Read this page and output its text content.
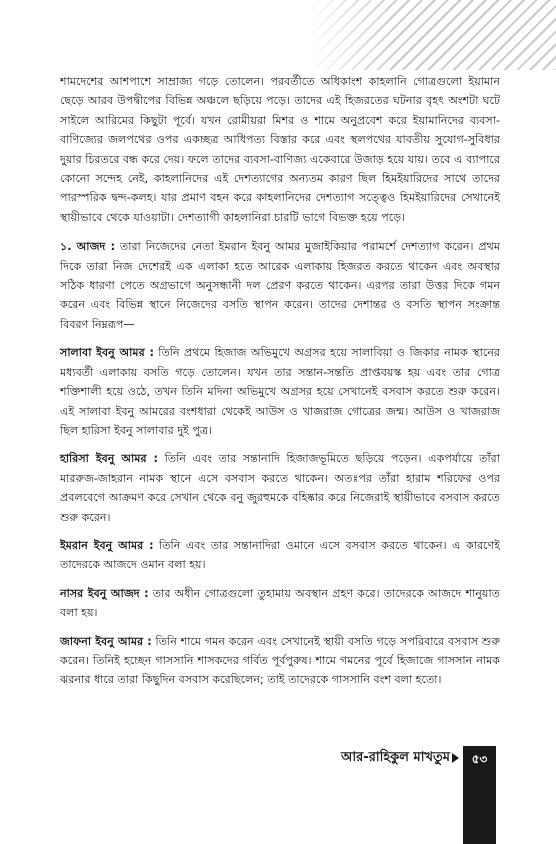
শামদেশের আশপাশে সাম্রাজ্য গড়ে তোলেন। পরবর্তীতে অধিকাংশ কাহলানি গোত্রগুলো ইয়ামান ছেড়ে আরব উপদ্বীপের বিভিন্ন অঞ্চলে ছড়িয়ে পড়ে। তাদের এই হিজরতের ঘটনার বৃহৎ অংশটা ঘটে সাইলে আরিমের কিছুটা পূর্বে। যখন রোমীয়রা মিশর ও শামে অনুপ্রবেশ করে ইয়ামানিদের ব্যবসা-বাণিজ্যের জলপথের ওপর একচ্ছত্র আধিপত্য বিস্তার করে এবং স্থলপথের যাবতীয় সুযোগ-সুবিধার দুয়ার চিরতরে বন্ধ করে দেয়। ফলে তাদের ব্যবসা-বাণিজ্য একেবারে উজাড় হয়ে যায়। তবে এ ব্যাপারে কোনো সন্দেহ নেই, কাহলানিদের এই দেশত্যাগের অন্যতম কারণ ছিল হিমইয়ারিদের সাথে তাদের পারস্পরিক দ্বন্দ-কলহ। যার প্রমাণ বহন করে কাহলানিদের দেশত্যাগ সত্ত্বেও হিমইয়ারিদের সেখানেই স্থায়ীভাবে থেকে যাওয়াটা। দেশত্যাগী কাহলানিরা চারটি ভাগে বিভক্ত হয়ে পড়ে।

১. আজদ : তারা নিজেদের নেতা ইমরান ইবনু আমর মুজাইকিয়ার পরামর্শে দেশত্যাগ করেন। প্রথম দিকে তারা নিজ দেশেরই এক এলাকা হতে আরেক এলাকায় হিজরত করতে থাকেন এবং অবস্থার সঠিক ধারণা পেতে অগ্রভাগে অনুসন্ধানী দল প্রেরণ করতে থাকেন। এরপর তারা উত্তর দিকে গমন করেন এবং বিভিন্ন স্থানে নিজেদের বসতি স্থাপন করেন। তাদের দেশান্তর ও বসতি স্থাপন সংক্রান্ত বিবরণ নিম্নরূপ—

সালাবা ইবনু আমর : তিনি প্রথমে হিজাজ অভিমুখে অগ্রসর হয়ে সালাবিয়া ও জিকার নামক স্থানের মধ্যবর্তী এলাকায় বসতি গড়ে তোলেন। যখন তার সন্তান-সন্ততি প্রাপ্তবয়স্ক হয় এবং তার গোত্র শক্তিশালী হয়ে ওঠে, তখন তিনি মদিনা অভিমুখে অগ্রসর হয়ে সেখানেই বসবাস করতে শুরু করেন। এই সালাবা ইবনু আমরের বংশধারা থেকেই আউস ও খাজরাজ গোত্রের জন্ম। আউস ও খাজরাজ ছিল হারিসা ইবনু সালাবার দুই পুত্র।

হারিসা ইবনু আমর : তিনি এবং তার সন্তানাদি হিজাজভূমিতে ছড়িয়ে পড়েন। একপর্যায়ে তাঁরা মাররুজ-জাহরান নামক স্থানে এসে বসবাস করতে থাকেন। অতঃপর তাঁরা হারাম শরিফের ওপর প্রবলবেগে আক্রমণ করে সেখান থেকে বনু জুরহুমকে বহিষ্কার করে নিজেরাই স্থায়ীভাবে বসবাস করতে শুরু করেন।

ইমরান ইবনু আমর : তিনি এবং তার সন্তানাদিরা ওমানে এসে বসবাস করতে থাকেন। এ কারণেই তাদেরকে আজদে ওমান বলা হয়।

নাসর ইবনু আজদ : তার অধীন গোত্রগুলো তুহামায় অবস্থান গ্রহণ করে। তাদেরকে আজদে শানুয়াত বলা হয়।

জাফনা ইবনু আমর : তিনি শামে গমন করেন এবং সেখানেই স্থায়ী বসতি গড়ে সপরিবারে বসবাস শুরু করেন। তিনিই হচ্ছেন গাসসানি শাসকদের গর্বিত পূর্বপুরুষ। শামে গমনের পূর্বে হিজাজে গাসসান নামক ঝরনার ধারে তারা কিছুদিন বসবাস করেছিলেন; তাই তাদেরকে গাসসানি বংশ বলা হতো।

আর-রাহিকুল মাখতুম	৫৩
